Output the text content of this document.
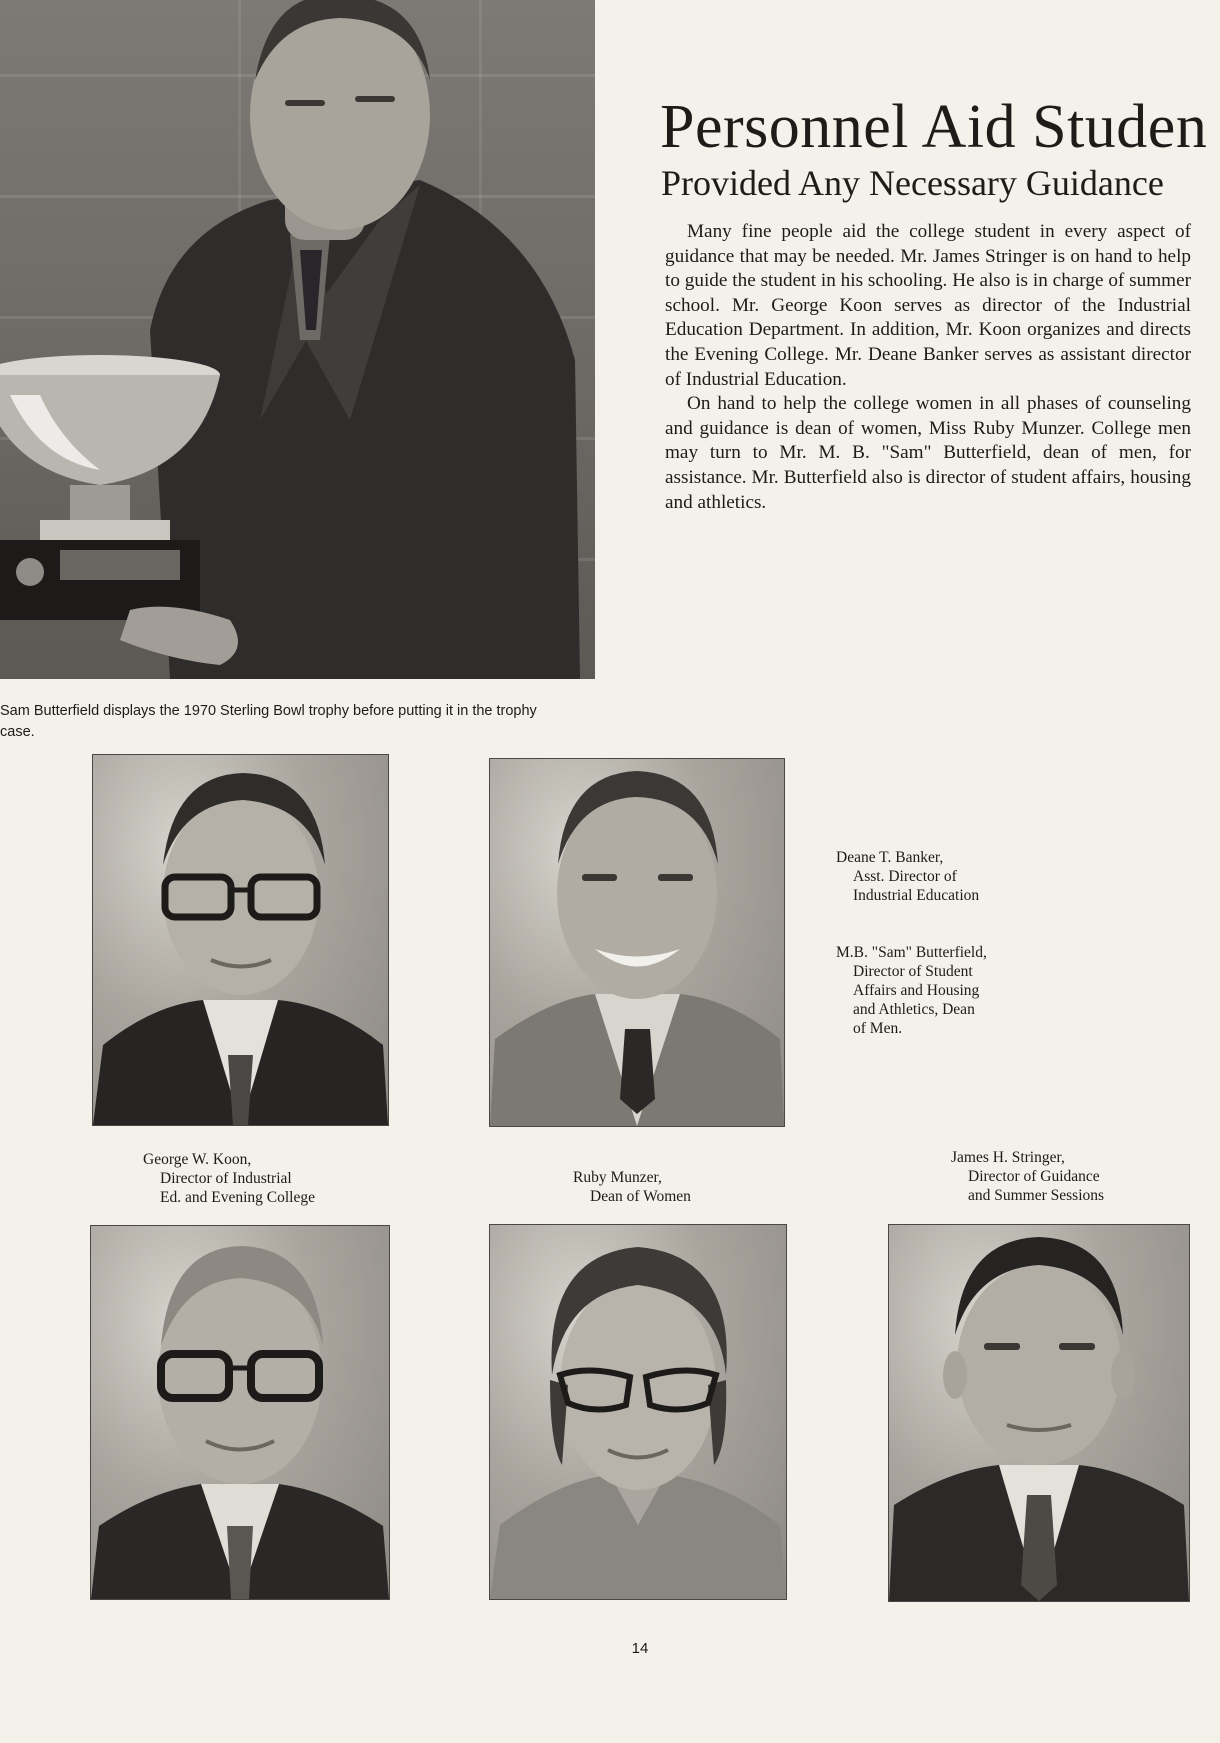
Personnel Aid Studen
Provided Any Necessary Guidance

Many fine people aid the college student in every aspect of guidance that may be needed. Mr. James Stringer is on hand to help to guide the student in his schooling. He also is in charge of summer school. Mr. George Koon serves as director of the Industrial Education Department. In addition, Mr. Koon organizes and directs the Evening College. Mr. Deane Banker serves as assistant director of Industrial Education.

On hand to help the college women in all phases of counseling and guidance is dean of women, Miss Ruby Munzer. College men may turn to Mr. M. B. "Sam" Butterfield, dean of men, for assistance. Mr. Butterfield also is director of student affairs, housing and athletics.

Sam Butterfield displays the 1970 Sterling Bowl trophy before putting it in the trophy case.
Deane T. Banker,
Asst. Director of
Industrial Education
M.B. "Sam" Butterfield,
Director of Student
Affairs and Housing
and Athletics, Dean
of Men.
George W. Koon,
Director of Industrial
Ed. and Evening College
Ruby Munzer,
Dean of Women
James H. Stringer,
Director of Guidance
and Summer Sessions
14
